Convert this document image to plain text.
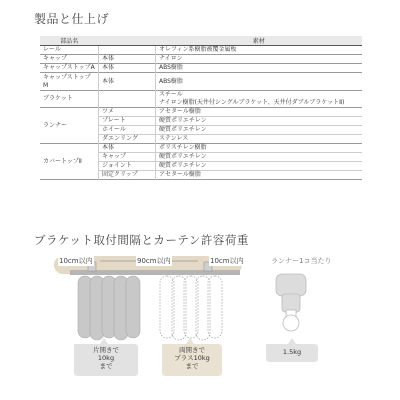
製品と仕上げ
部品名		素材
レール		オレフィン系樹脂被覆金属板
キャップ	本体	ナイロン
キャップストップA	本体	ABS樹脂
キャップストップM	本体	ABS樹脂
ブラケット		スチール
		ナイロン樹脂(天井付シングルブラケット、天井付ダブルブラケットⅡ)
ランナー	ツメ	アセタール樹脂
	プレート	硬質ポリエチレン
	ホイール	硬質ポリエチレン
	ダエンリング	ステンレス
カバートップⅡ	本体	ポリスチレン樹脂
	キャップ	硬質ポリエチレン
	ジョイント	硬質ポリエチレン
	固定クリップ	アセタール樹脂
ブラケット取付間隔とカーテン許容荷重
10cm以内	90cm以内	10cm以内	ランナー1コ当たり
片開きで
10kg
まで
両開きで
プラス10kg
まで
1.5kg
